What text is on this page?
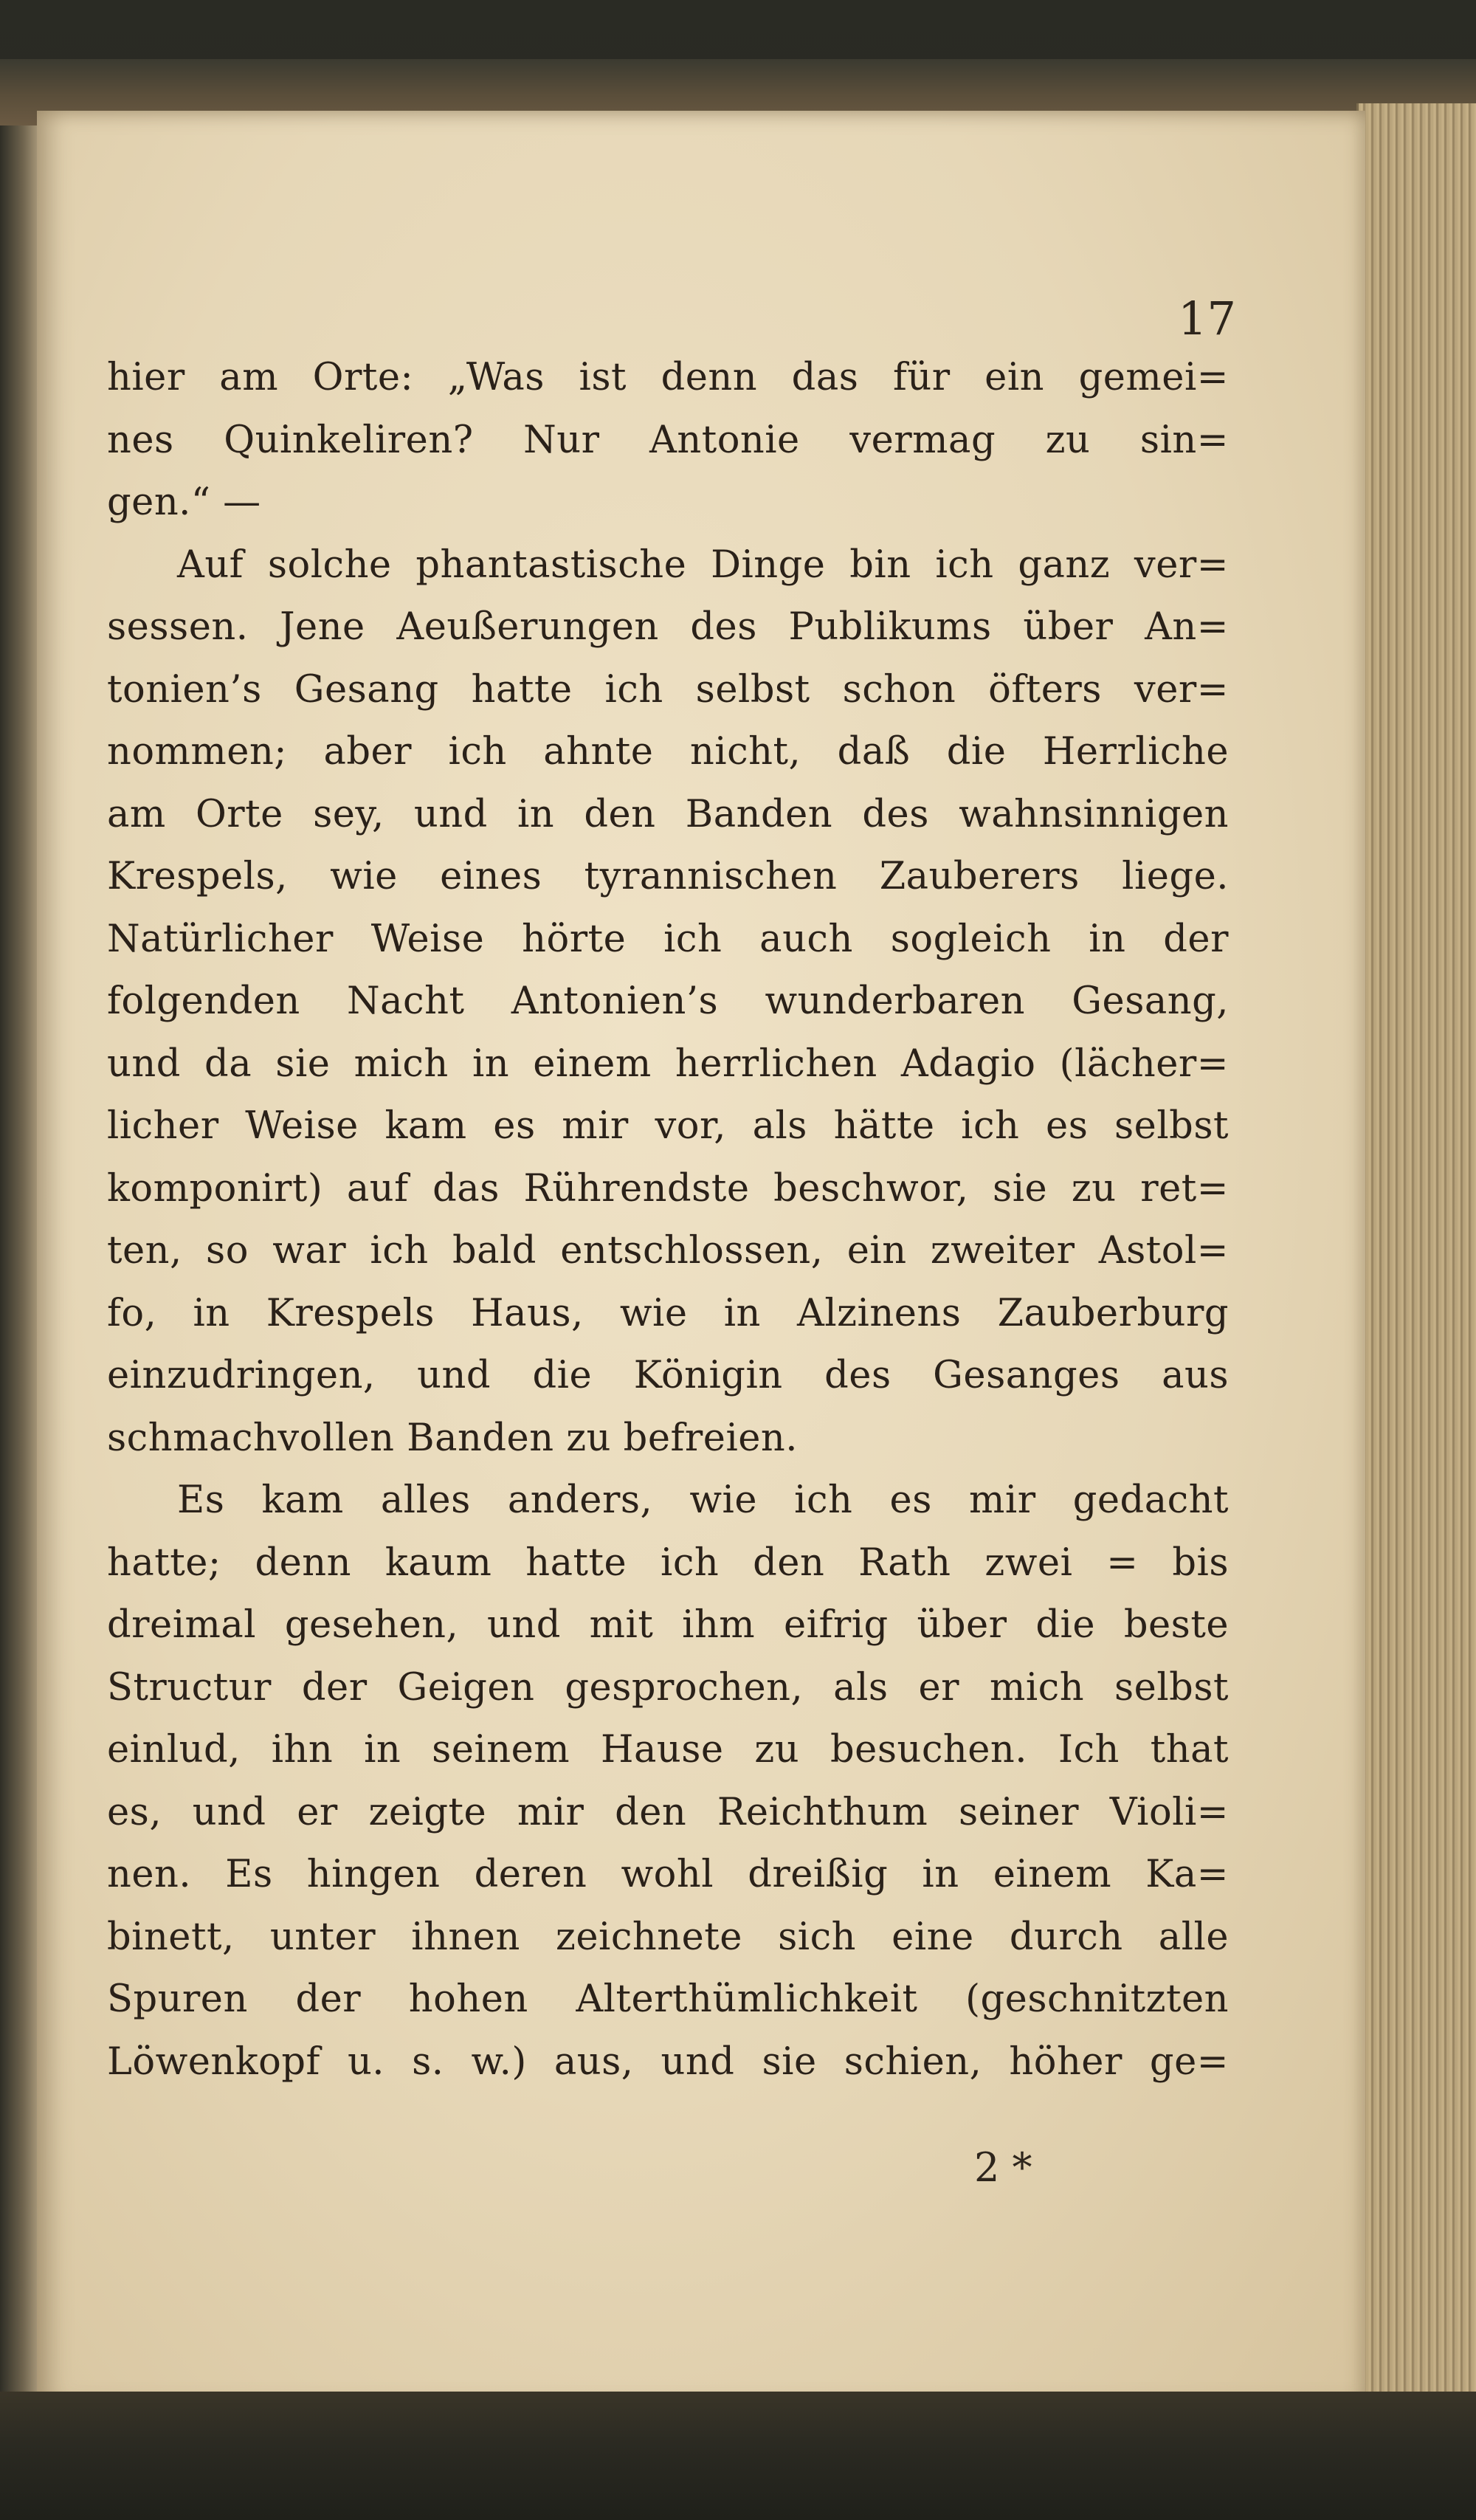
17
hier am Orte: „Was ist denn das für ein gemei=
nes Quinkeliren? Nur Antonie vermag zu sin=
gen.“ —
Auf solche phantastische Dinge bin ich ganz ver=
sessen. Jene Aeußerungen des Publikums über An=
tonien’s Gesang hatte ich selbst schon öfters ver=
nommen; aber ich ahnte nicht, daß die Herrliche
am Orte sey, und in den Banden des wahnsinnigen
Krespels, wie eines tyrannischen Zauberers liege.
Natürlicher Weise hörte ich auch sogleich in der
folgenden Nacht Antonien’s wunderbaren Gesang,
und da sie mich in einem herrlichen Adagio (lächer=
licher Weise kam es mir vor, als hätte ich es selbst
komponirt) auf das Rührendste beschwor, sie zu ret=
ten, so war ich bald entschlossen, ein zweiter Astol=
fo, in Krespels Haus, wie in Alzinens Zauberburg
einzudringen, und die Königin des Gesanges aus
schmachvollen Banden zu befreien.
Es kam alles anders, wie ich es mir gedacht
hatte; denn kaum hatte ich den Rath zwei = bis
dreimal gesehen, und mit ihm eifrig über die beste
Structur der Geigen gesprochen, als er mich selbst
einlud, ihn in seinem Hause zu besuchen. Ich that
es, und er zeigte mir den Reichthum seiner Violi=
nen. Es hingen deren wohl dreißig in einem Ka=
binett, unter ihnen zeichnete sich eine durch alle
Spuren der hohen Alterthümlichkeit (geschnitzten
Löwenkopf u. s. w.) aus, und sie schien, höher ge=
2 *
